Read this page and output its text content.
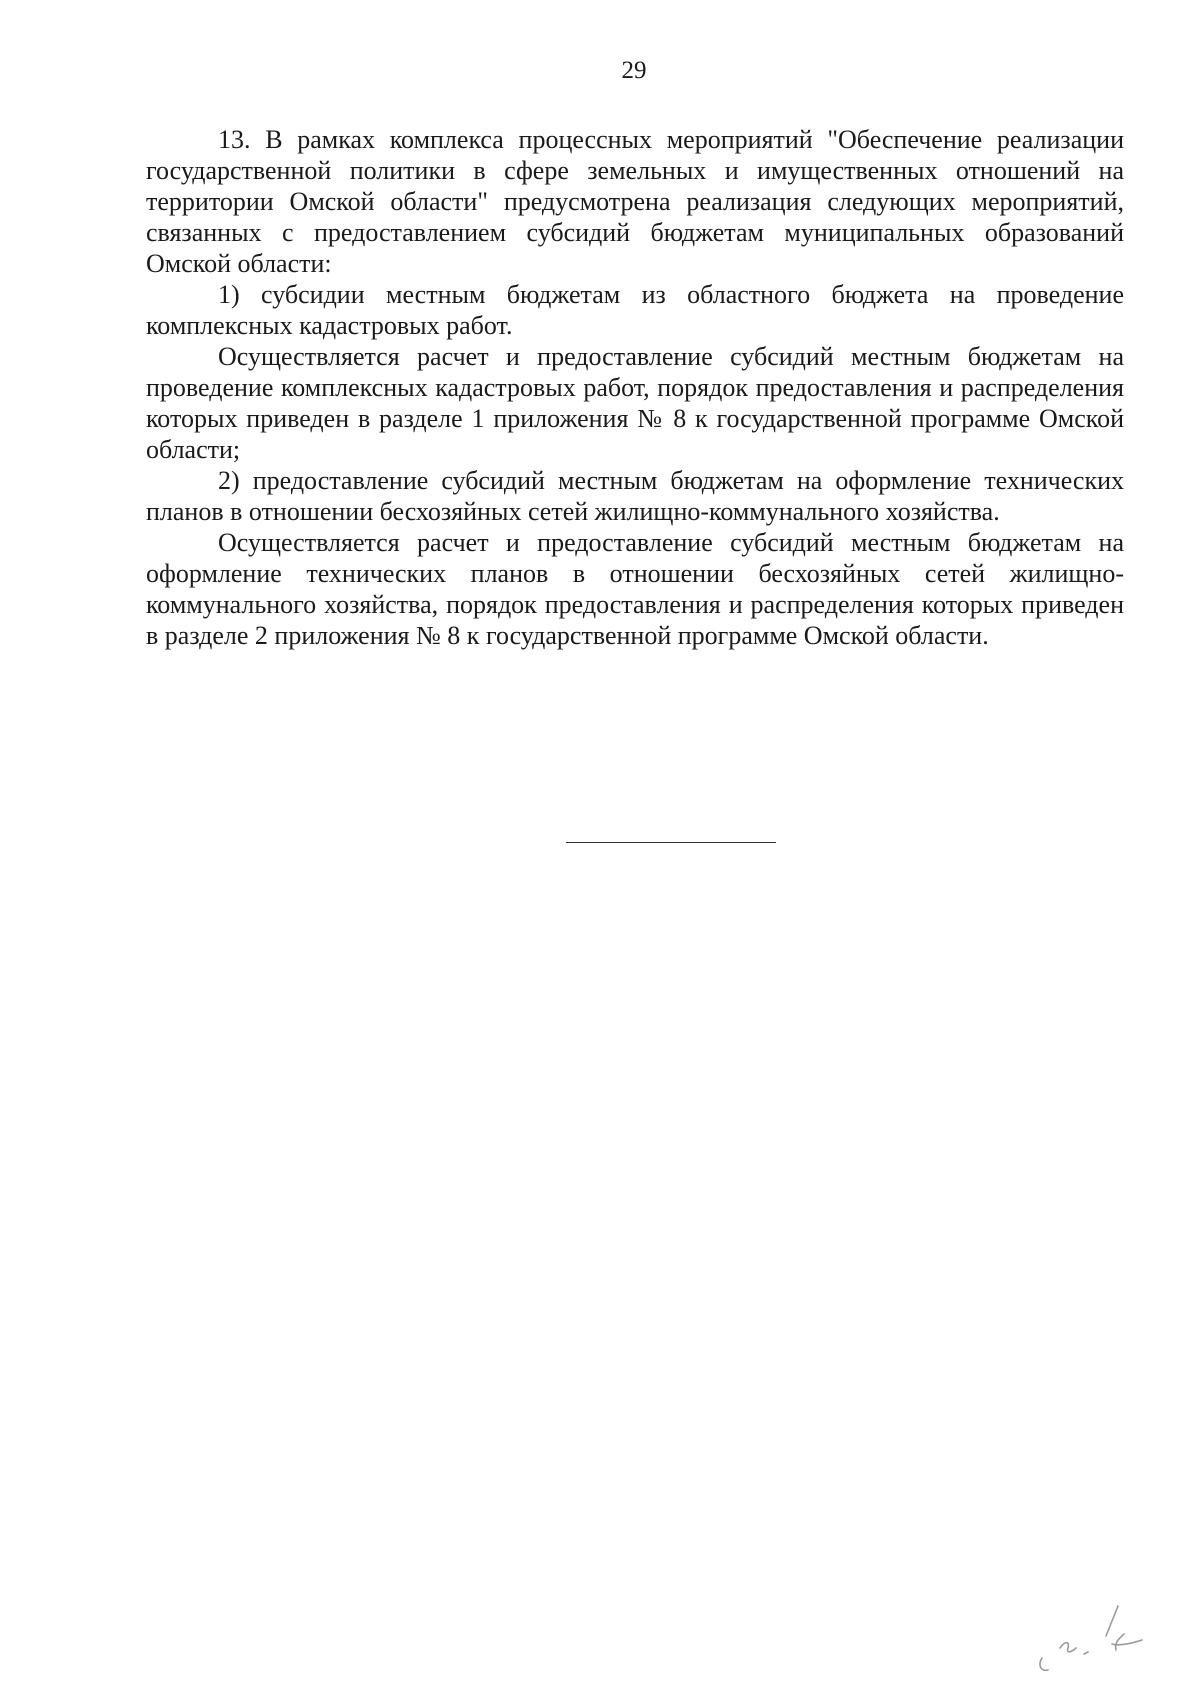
29

13. В рамках комплекса процессных мероприятий "Обеспечение реализации государственной политики в сфере земельных и имущественных отношений на территории Омской области" предусмотрена реализация следующих мероприятий, связанных с предоставлением субсидий бюджетам муниципальных образований Омской области:

1) субсидии местным бюджетам из областного бюджета на проведение комплексных кадастровых работ.

Осуществляется расчет и предоставление субсидий местным бюджетам на проведение комплексных кадастровых работ, порядок предоставления и распределения которых приведен в разделе 1 приложения № 8 к государственной программе Омской области;

2) предоставление субсидий местным бюджетам на оформление технических планов в отношении бесхозяйных сетей жилищно-коммунального хозяйства.

Осуществляется расчет и предоставление субсидий местным бюджетам на оформление технических планов в отношении бесхозяйных сетей жилищно-коммунального хозяйства, порядок предоставления и распределения которых приведен в разделе 2 приложения № 8 к государственной программе Омской области.
